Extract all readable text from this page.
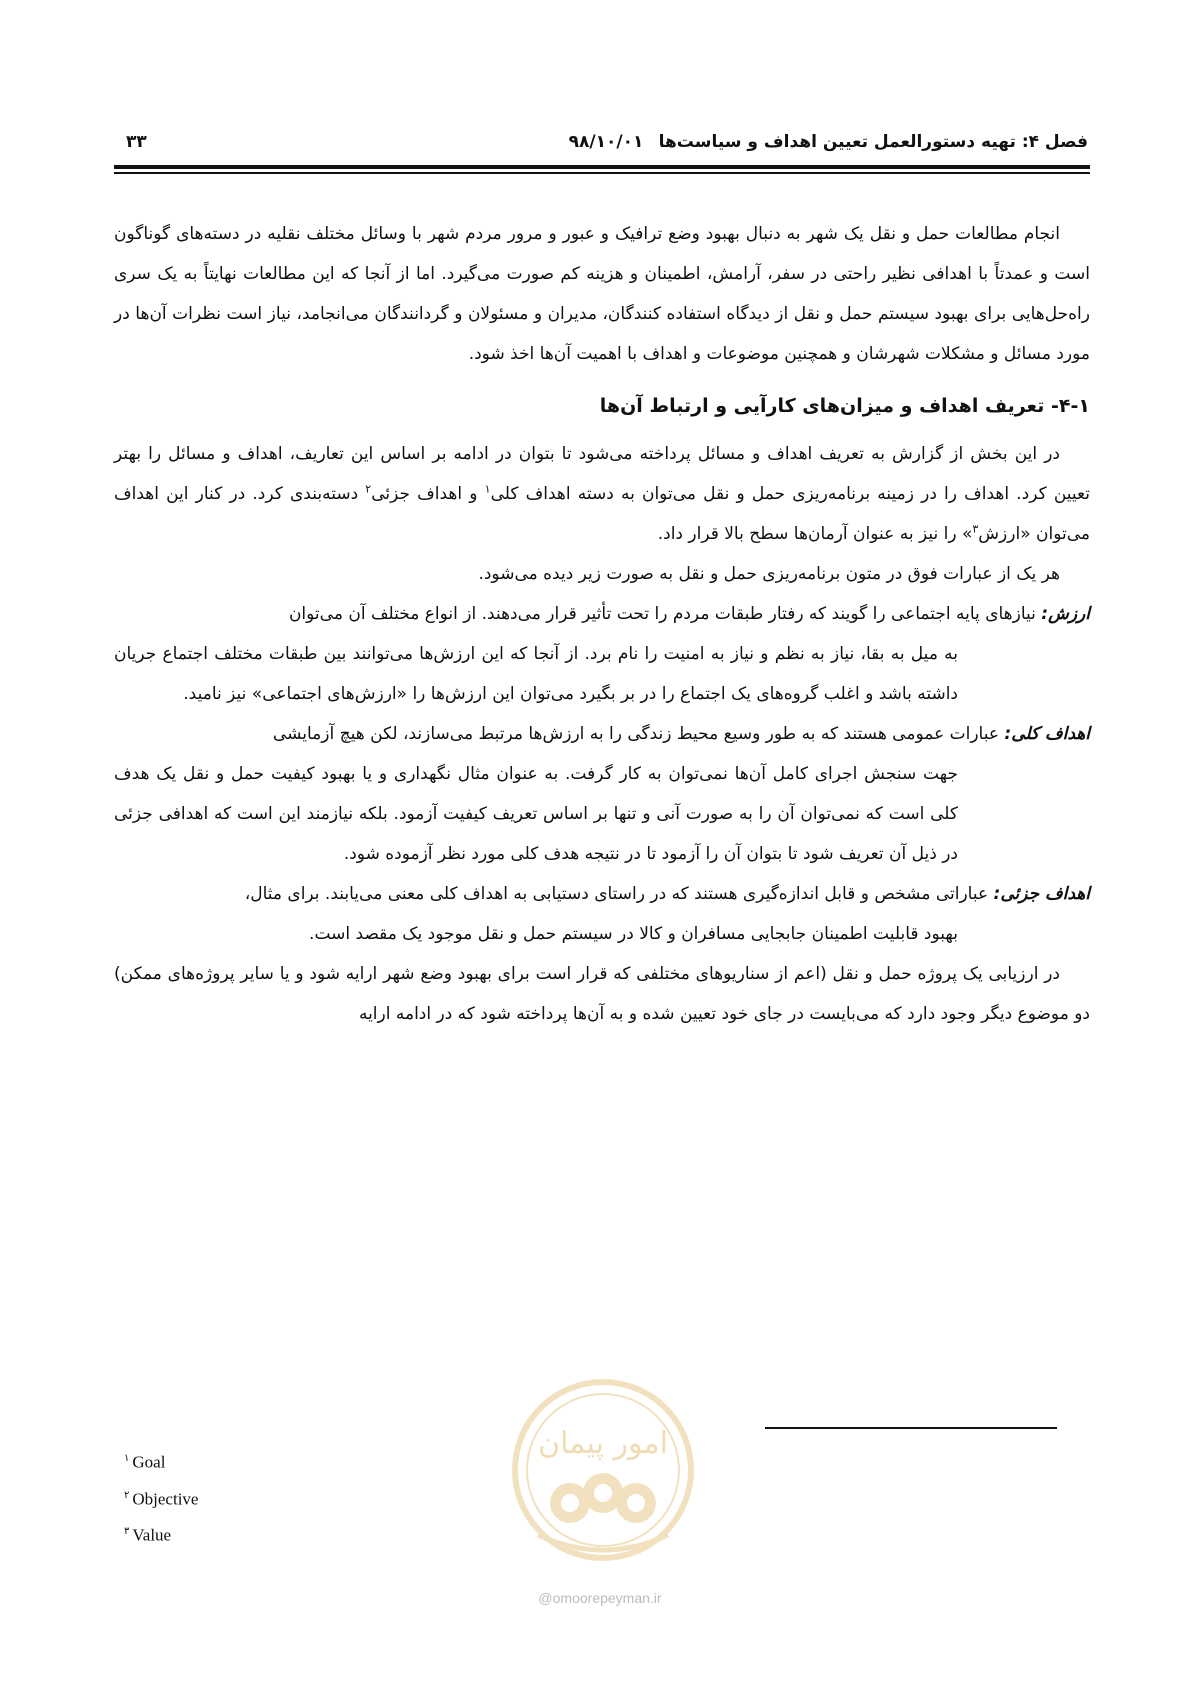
فصل ۴: تهیه دستورالعمل تعیین اهداف و سیاست‌ها
۹۸/۱۰/۰۱
۳۳

انجام مطالعات حمل و نقل یک شهر به دنبال بهبود وضع ترافیک و عبور و مرور مردم شهر با وسائل مختلف نقلیه در دسته‌های گوناگون است و عمدتاً با اهدافی نظیر راحتی در سفر، آرامش، اطمینان و هزینه کم صورت می‌گیرد. اما از آنجا که این مطالعات نهایتاً به یک سری راه‌حل‌هایی برای بهبود سیستم حمل و نقل از دیدگاه استفاده کنندگان، مدیران و مسئولان و گردانندگان می‌انجامد، نیاز است نظرات آن‌ها در مورد مسائل و مشکلات شهرشان و همچنین موضوعات و اهداف با اهمیت آن‌ها اخذ شود.

۴-۱- تعریف اهداف و میزان‌های کارآیی و ارتباط آن‌ها

در این بخش از گزارش به تعریف اهداف و مسائل پرداخته می‌شود تا بتوان در ادامه بر اساس این تعاریف، اهداف و مسائل را بهتر تعیین کرد. اهداف را در زمینه برنامه‌ریزی حمل و نقل می‌توان به دسته اهداف کلی$^۱$ و اهداف جزئی$^۲$ دسته‌بندی کرد. در کنار این اهداف می‌توان «ارزش$^۳$» را نیز به عنوان آرمان‌ها سطح بالا قرار داد.

هر یک از عبارات فوق در متون برنامه‌ریزی حمل و نقل به صورت زیر دیده می‌شود.

ارزش: نیازهای پایه اجتماعی را گویند که رفتار طبقات مردم را تحت تأثیر قرار می‌دهند. از انواع مختلف آن می‌توان
به میل به بقا، نیاز به نظم و نیاز به امنیت را نام برد. از آنجا که این ارزش‌ها می‌توانند بین طبقات مختلف اجتماع جریان داشته باشد و اغلب گروه‌های یک اجتماع را در بر بگیرد می‌توان این ارزش‌ها را «ارزش‌های اجتماعی» نیز نامید.
اهداف کلی: عبارات عمومی هستند که به طور وسیع محیط زندگی را به ارزش‌ها مرتبط می‌سازند، لکن هیچ آزمایشی
جهت سنجش اجرای کامل آن‌ها نمی‌توان به کار گرفت. به عنوان مثال نگهداری و یا بهبود کیفیت حمل و نقل یک هدف کلی است که نمی‌توان آن را به صورت آنی و تنها بر اساس تعریف کیفیت آزمود. بلکه نیازمند این است که اهدافی جزئی در ذیل آن تعریف شود تا بتوان آن را آزمود تا در نتیجه هدف کلی مورد نظر آزموده شود.
اهداف جزئی: عباراتی مشخص و قابل اندازه‌گیری هستند که در راستای دستیابی به اهداف کلی معنی می‌یابند. برای مثال،
بهبود قابلیت اطمینان جابجایی مسافران و کالا در سیستم حمل و نقل موجود یک مقصد است.

در ارزیابی یک پروژه حمل و نقل (اعم از سناریوهای مختلفی که قرار است برای بهبود وضع شهر ارایه شود و یا سایر پروژه‌های ممکن) دو موضوع دیگر وجود دارد که می‌بایست در جای خود تعیین شده و به آن‌ها پرداخته شود که در ادامه ارایه

$^۱$ Goal
$^۲$ Objective
$^۳$ Value
امور پیمان
@omoorepeyman.ir
